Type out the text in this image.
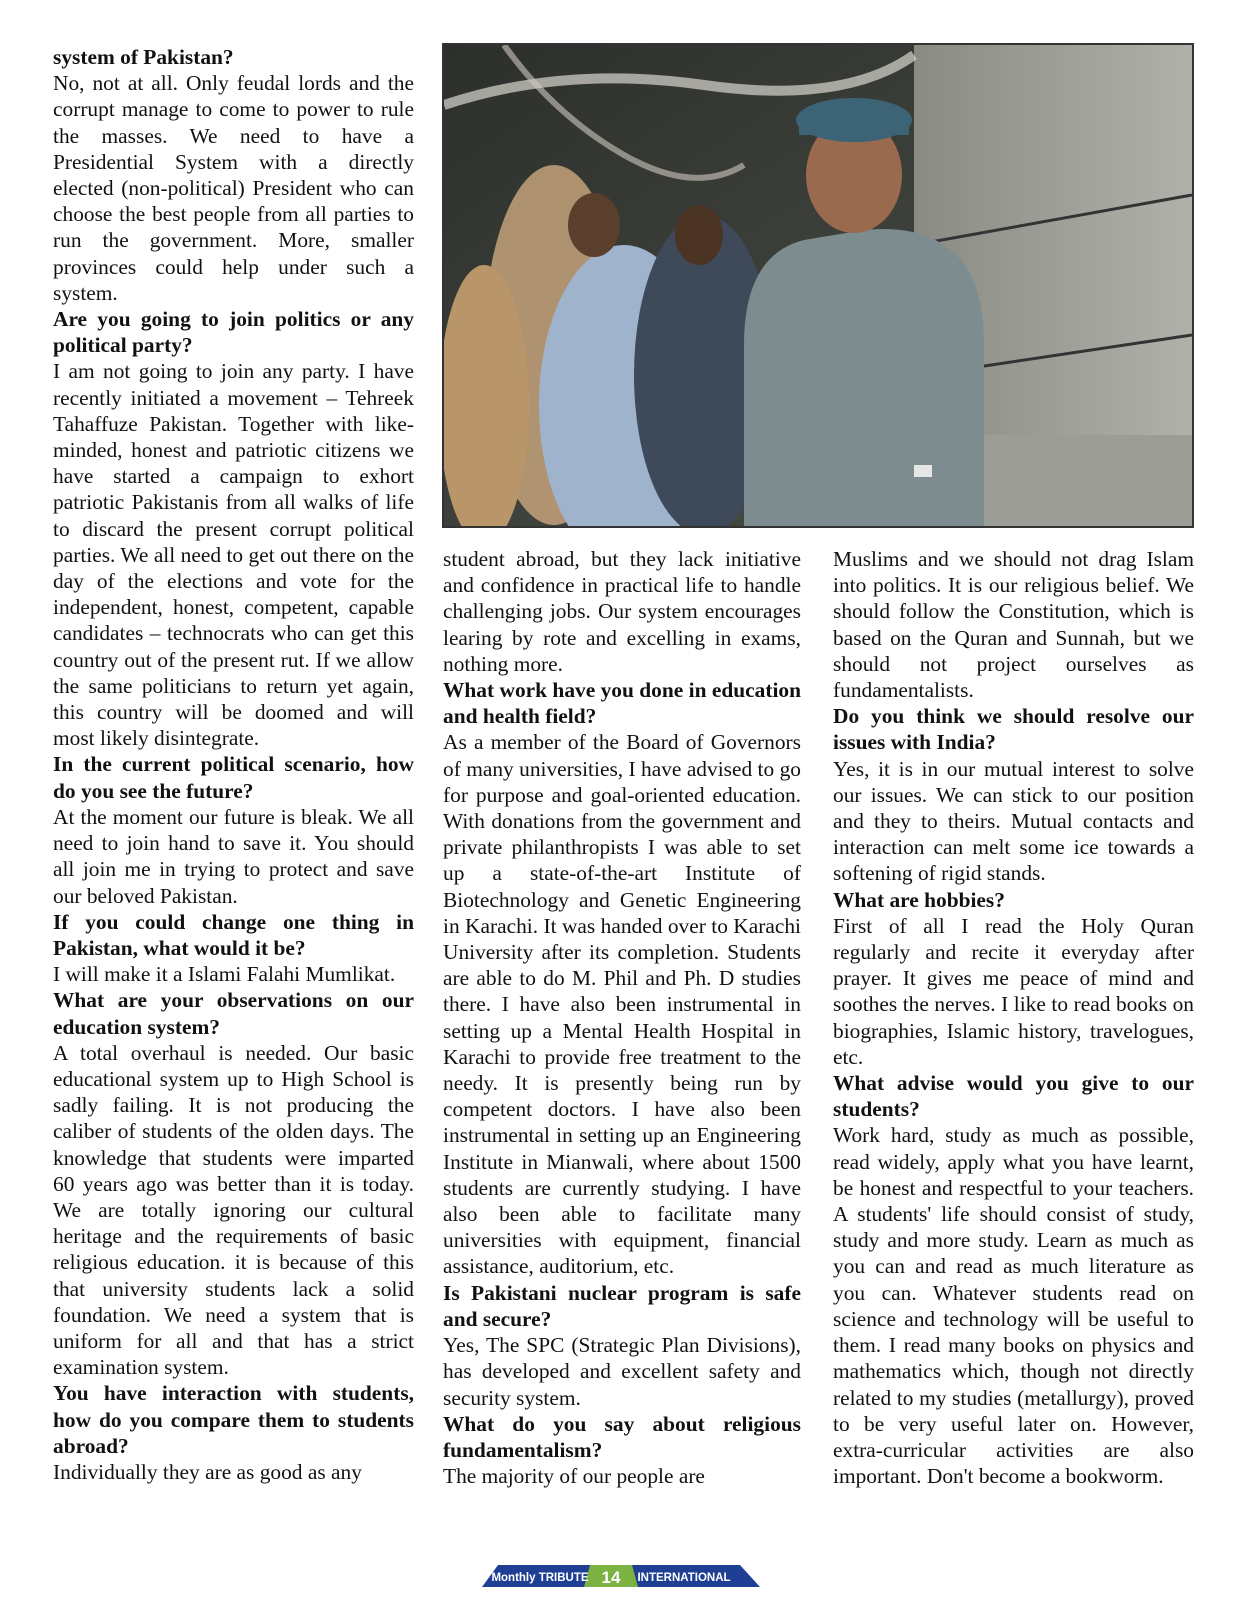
system of Pakistan?

No, not at all. Only feudal lords and the corrupt manage to come to power to rule the masses. We need to have a Presidential System with a directly elected (non-political) President who can choose the best people from all parties to run the government. More, smaller provinces could help under such a system.

Are you going to join politics or any political party?

I am not going to join any party. I have recently initiated a movement – Tehreek Tahaffuze Pakistan. Together with like-minded, honest and patriotic citizens we have started a campaign to exhort patriotic Pakistanis from all walks of life to discard the present corrupt political parties. We all need to get out there on the day of the elections and vote for the independent, honest, competent, capable candidates – technocrats who can get this country out of the present rut. If we allow the same politicians to return yet again, this country will be doomed and will most likely disintegrate.

In the current political scenario, how do you see the future?

At the moment our future is bleak. We all need to join hand to save it. You should all join me in trying to protect and save our beloved Pakistan.

If you could change one thing in Pakistan, what would it be?

I will make it a Islami Falahi Mumlikat.

What are your observations on our education system?

A total overhaul is needed. Our basic educational system up to High School is sadly failing. It is not producing the caliber of students of the olden days. The knowledge that students were imparted 60 years ago was better than it is today. We are totally ignoring our cultural heritage and the requirements of basic religious education. it is because of this that university students lack a solid foundation. We need a system that is uniform for all and that has a strict examination system.

You have interaction with students, how do you compare them to students abroad?

Individually they are as good as any

student abroad, but they lack initiative and confidence in practical life to handle challenging jobs. Our system encourages learing by rote and excelling in exams, nothing more.

What work have you done in education and health field?

As a member of the Board of Governors of many universities, I have advised to go for purpose and goal-oriented education. With donations from the government and private philanthropists I was able to set up a state-of-the-art Institute of Biotechnology and Genetic Engineering in Karachi. It was handed over to Karachi University after its completion. Students are able to do M. Phil and Ph. D studies there. I have also been instrumental in setting up a Mental Health Hospital in Karachi to provide free treatment to the needy. It is presently being run by competent doctors. I have also been instrumental in setting up an Engineering Institute in Mianwali, where about 1500 students are currently studying. I have also been able to facilitate many universities with equipment, financial assistance, auditorium, etc.

Is Pakistani nuclear program is safe and secure?

Yes, The SPC (Strategic Plan Divisions), has developed and excellent safety and security system.

What do you say about religious fundamentalism?

The majority of our people are

Muslims and we should not drag Islam into politics. It is our religious belief. We should follow the Constitution, which is based on the Quran and Sunnah, but we should not project ourselves as fundamentalists.

Do you think we should resolve our issues with India?

Yes, it is in our mutual interest to solve our issues. We can stick to our position and they to theirs. Mutual contacts and interaction can melt some ice towards a softening of rigid stands.

What are hobbies?

First of all I read the Holy Quran regularly and recite it everyday after prayer. It gives me peace of mind and soothes the nerves. I like to read books on biographies, Islamic history, travelogues, etc.

What advise would you give to our students?

Work hard, study as much as possible, read widely, apply what you have learnt, be honest and respectful to your teachers. A students' life should consist of study, study and more study. Learn as much as you can and read as much literature as you can. Whatever students read on science and technology will be useful to them. I read many books on physics and mathematics which, though not directly related to my studies (metallurgy), proved to be very useful later on. However, extra-curricular activities are also important. Don't become a bookworm.

Monthly TRIBUTE 14 INTERNATIONAL
